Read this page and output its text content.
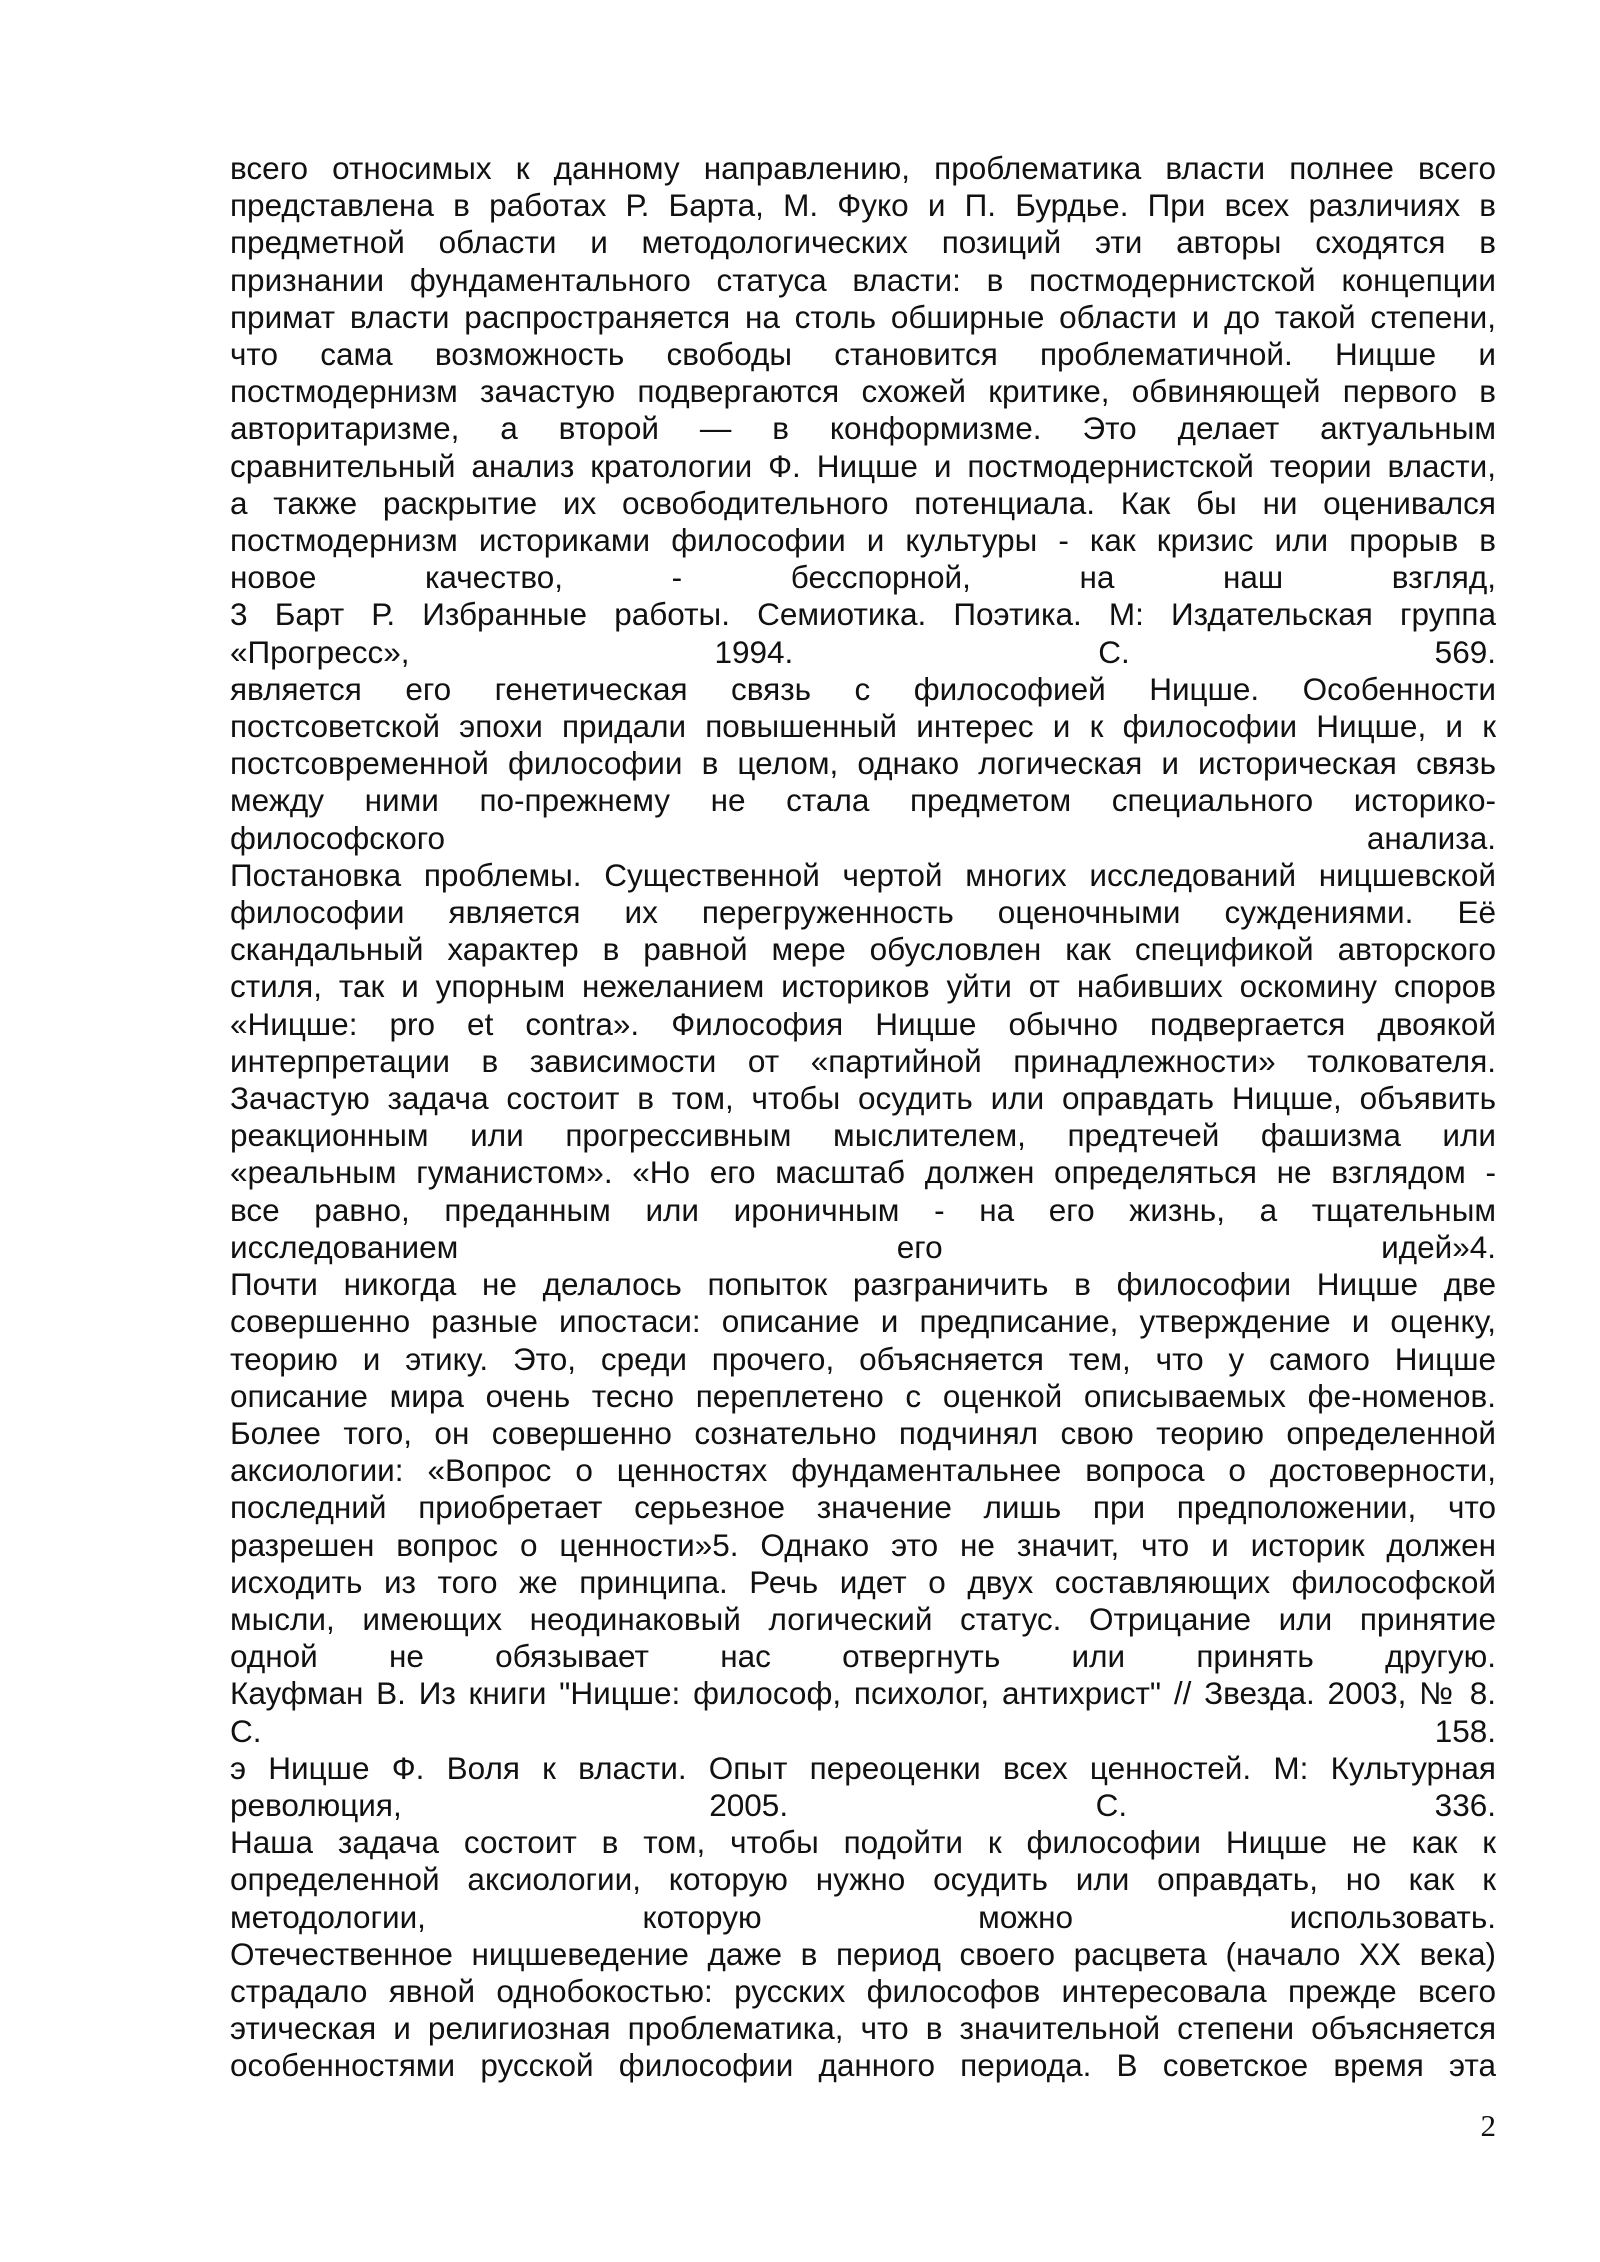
всего относимых к данному направлению, проблематика власти полнее всего
представлена в работах Р. Барта, М. Фуко и П. Бурдье. При всех различиях в
предметной области и методологических позиций эти авторы сходятся в
признании фундаментального статуса власти: в постмодернистской концепции
примат власти распространяется на столь обширные области и до такой степени,
что сама возможность свободы становится проблематичной. Ницше и
постмодернизм зачастую подвергаются схожей критике, обвиняющей первого в
авторитаризме, а второй — в конформизме. Это делает актуальным
сравнительный анализ кратологии Ф. Ницше и постмодернистской теории власти,
а также раскрытие их освободительного потенциала. Как бы ни оценивался
постмодернизм историками философии и культуры - как кризис или прорыв в
новое качество, - бесспорной, на наш взгляд,
3 Барт Р. Избранные работы. Семиотика. Поэтика. М: Издательская группа
«Прогресс», 1994. С. 569.
является его генетическая связь с философией Ницше. Особенности
постсоветской эпохи придали повышенный интерес и к философии Ницше, и к
постсовременной философии в целом, однако логическая и историческая связь
между ними по-прежнему не стала предметом специального историко-
философского анализа.
Постановка проблемы. Существенной чертой многих исследований ницшевской
философии является их перегруженность оценочными суждениями. Её
скандальный характер в равной мере обусловлен как спецификой авторского
стиля, так и упорным нежеланием историков уйти от набивших оскомину споров
«Ницше: pro et contra». Философия Ницше обычно подвергается двоякой
интерпретации в зависимости от «партийной принадлежности» толкователя.
Зачастую задача состоит в том, чтобы осудить или оправдать Ницше, объявить
реакционным или прогрессивным мыслителем, предтечей фашизма или
«реальным гуманистом». «Но его масштаб должен определяться не взглядом -
все равно, преданным или ироничным - на его жизнь, а тщательным
исследованием его идей»4.
Почти никогда не делалось попыток разграничить в философии Ницше две
совершенно разные ипостаси: описание и предписание, утверждение и оценку,
теорию и этику. Это, среди прочего, объясняется тем, что у самого Ницше
описание мира очень тесно переплетено с оценкой описываемых фе-номенов.
Более того, он совершенно сознательно подчинял свою теорию определенной
аксиологии: «Вопрос о ценностях фундаментальнее вопроса о достоверности,
последний приобретает серьезное значение лишь при предположении, что
разрешен вопрос о ценности»5. Однако это не значит, что и историк должен
исходить из того же принципа. Речь идет о двух составляющих философской
мысли, имеющих неодинаковый логический статус. Отрицание или принятие
одной не обязывает нас отвергнуть или принять другую.
Кауфман В. Из книги "Ницше: философ, психолог, антихрист" // Звезда. 2003, № 8.
С. 158.
э Ницше Ф. Воля к власти. Опыт переоценки всех ценностей. М: Культурная
революция, 2005. С. 336.
Наша задача состоит в том, чтобы подойти к философии Ницше не как к
определенной аксиологии, которую нужно осудить или оправдать, но как к
методологии, которую можно использовать.
Отечественное ницшеведение даже в период своего расцвета (начало XX века)
страдало явной однобокостью: русских философов интересовала прежде всего
этическая и религиозная проблематика, что в значительной степени объясняется
особенностями русской философии данного периода. В советское время эта
2
